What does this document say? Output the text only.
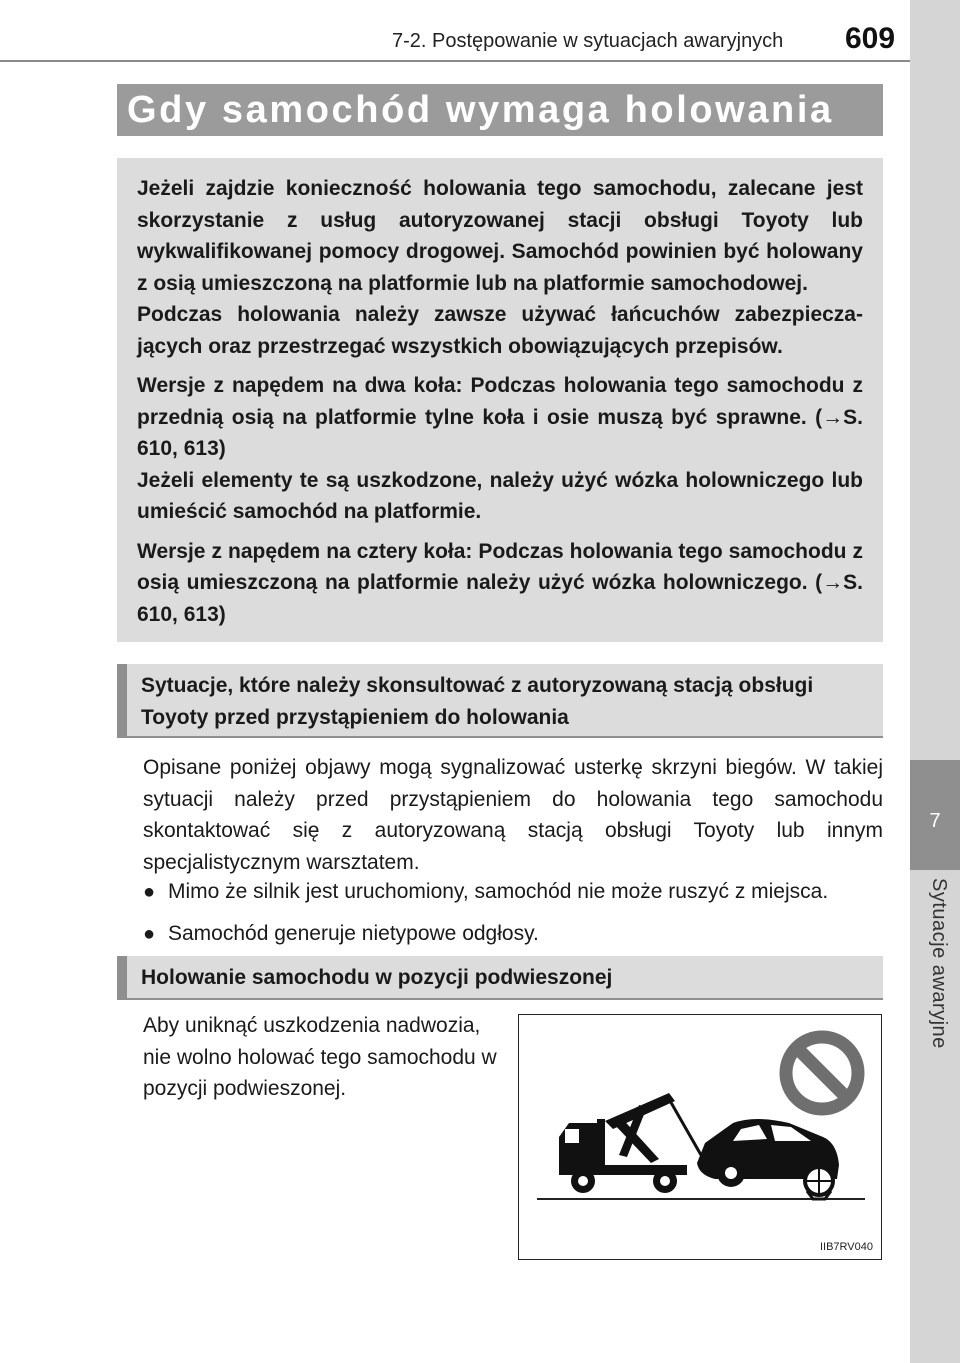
7-2. Postępowanie w sytuacjach awaryjnych 609
7
Sytuacje awaryjne
Gdy samochód wymaga holowania

Jeżeli zajdzie konieczność holowania tego samochodu, zalecane jest skorzystanie z usług autoryzowanej stacji obsługi Toyoty lub wykwalifikowanej pomocy drogowej. Samochód powinien być holowany z osią umieszczoną na platformie lub na platformie samochodowej.

Podczas holowania należy zawsze używać łańcuchów zabezpieczających oraz przestrzegać wszystkich obowiązujących przepisów.

Wersje z napędem na dwa koła: Podczas holowania tego samochodu z przednią osią na platformie tylne koła i osie muszą być sprawne. (→S. 610, 613)

Jeżeli elementy te są uszkodzone, należy użyć wózka holowniczego lub umieścić samochód na platformie.

Wersje z napędem na cztery koła: Podczas holowania tego samochodu z osią umieszczoną na platformie należy użyć wózka holowniczego. (→S. 610, 613)

Sytuacje, które należy skonsultować z autoryzowaną stacją obsługi Toyoty przed przystąpieniem do holowania
Opisane poniżej objawy mogą sygnalizować usterkę skrzyni biegów. W takiej sytuacji należy przed przystąpieniem do holowania tego samochodu skontaktować się z autoryzowaną stacją obsługi Toyoty lub innym specjalistycznym warsztatem.
● Mimo że silnik jest uruchomiony, samochód nie może ruszyć z miejsca.
● Samochód generuje nietypowe odgłosy.
Holowanie samochodu w pozycji podwieszonej
Aby uniknąć uszkodzenia nadwozia, nie wolno holować tego samochodu w pozycji podwieszonej.
IIB7RV040
